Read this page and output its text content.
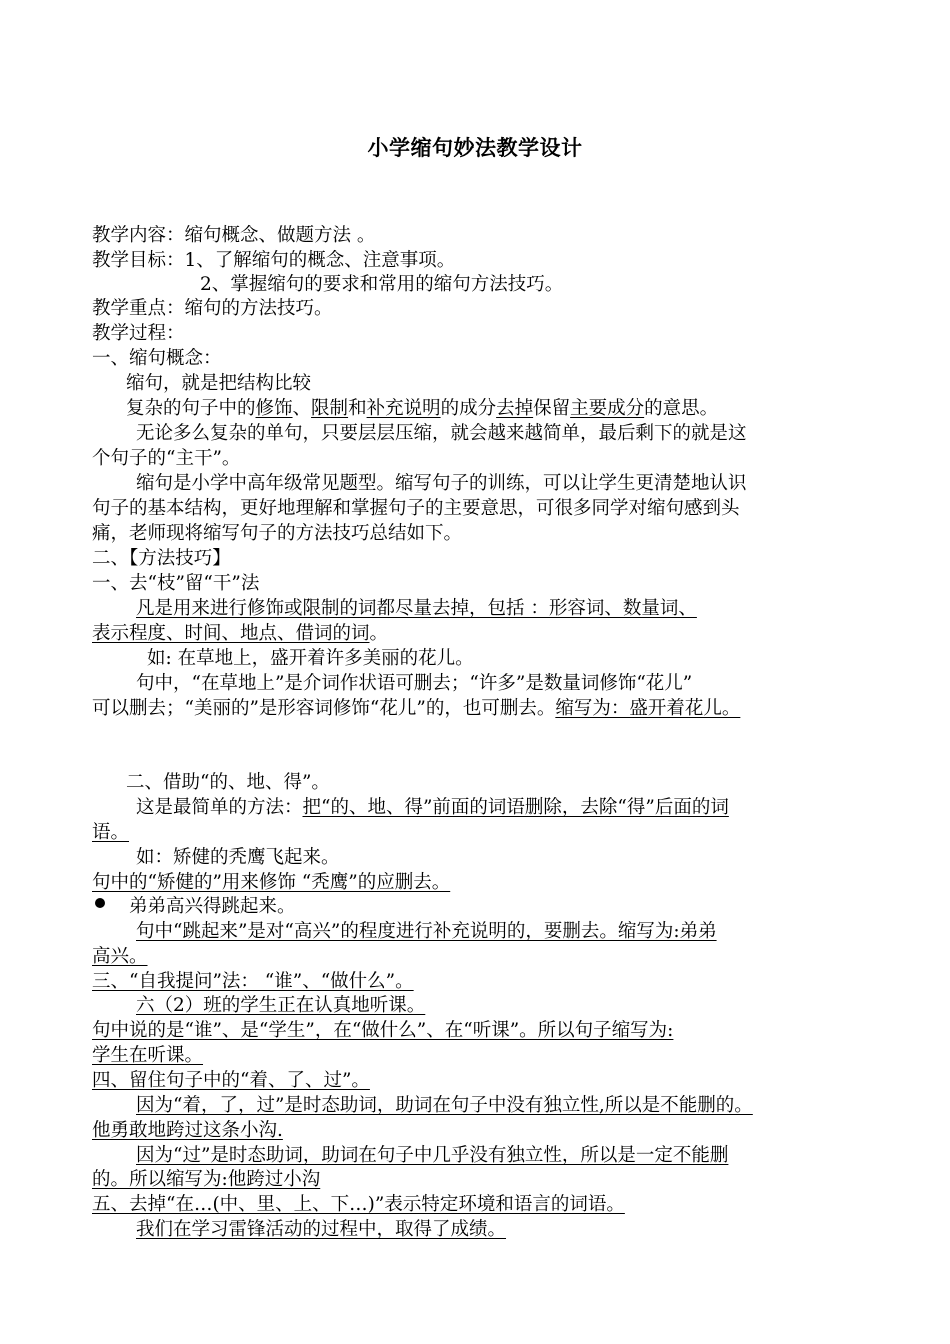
小学缩句妙法教学设计
教学内容：缩句概念、做题方法 。
教学目标：1、了解缩句的概念、注意事项。
2、掌握缩句的要求和常用的缩句方法技巧。
教学重点：缩句的方法技巧。
教学过程：
一、缩句概念：
缩句，就是把结构比较
复杂的句子中的修饰、限制和补充说明的成分去掉保留主要成分的意思。
无论多么复杂的单句，只要层层压缩，就会越来越简单，最后剩下的就是这
个句子的“主干”。
缩句是小学中高年级常见题型。缩写句子的训练，可以让学生更清楚地认识
句子的基本结构，更好地理解和掌握句子的主要意思，可很多同学对缩句感到头
痛，老师现将缩写句子的方法技巧总结如下。
二、【方法技巧】
一、去“枝”留“干”法
凡是用来进行修饰或限制的词都尽量去掉，包括 ：形容词、数量词、
表示程度、时间、地点、借词的词。
如: 在草地上，盛开着许多美丽的花儿。
句中，“在草地上”是介词作状语可删去；“许多”是数量词修饰“花儿”
可以删去；“美丽的”是形容词修饰“花儿”的，也可删去。缩写为：盛开着花儿。
二、借助“的、地、得”。
这是最简单的方法：把“的、地、得”前面的词语删除，去除“得”后面的词
语。
如：矫健的秃鹰飞起来。
句中的“矫健的”用来修饰 “秃鹰”的应删去。
弟弟高兴得跳起来。
句中“跳起来”是对“高兴”的程度进行补充说明的，要删去。缩写为:弟弟
高兴。
三、“自我提问”法： “谁”、“做什么”。
六（2）班的学生正在认真地听课。
句中说的是“谁”、是“学生”，在“做什么”、在“听课”。所以句子缩写为:
学生在听课。
四、留住句子中的“着、了、过”。
因为“着，了，过”是时态助词，助词在句子中没有独立性,所以是不能删的。
他勇敢地跨过这条小沟.
因为“过”是时态助词，助词在句子中几乎没有独立性，所以是一定不能删
的。所以缩写为:他跨过小沟
五、去掉“在…(中、里、上、下…)”表示特定环境和语言的词语。
我们在学习雷锋活动的过程中，取得了成绩。
